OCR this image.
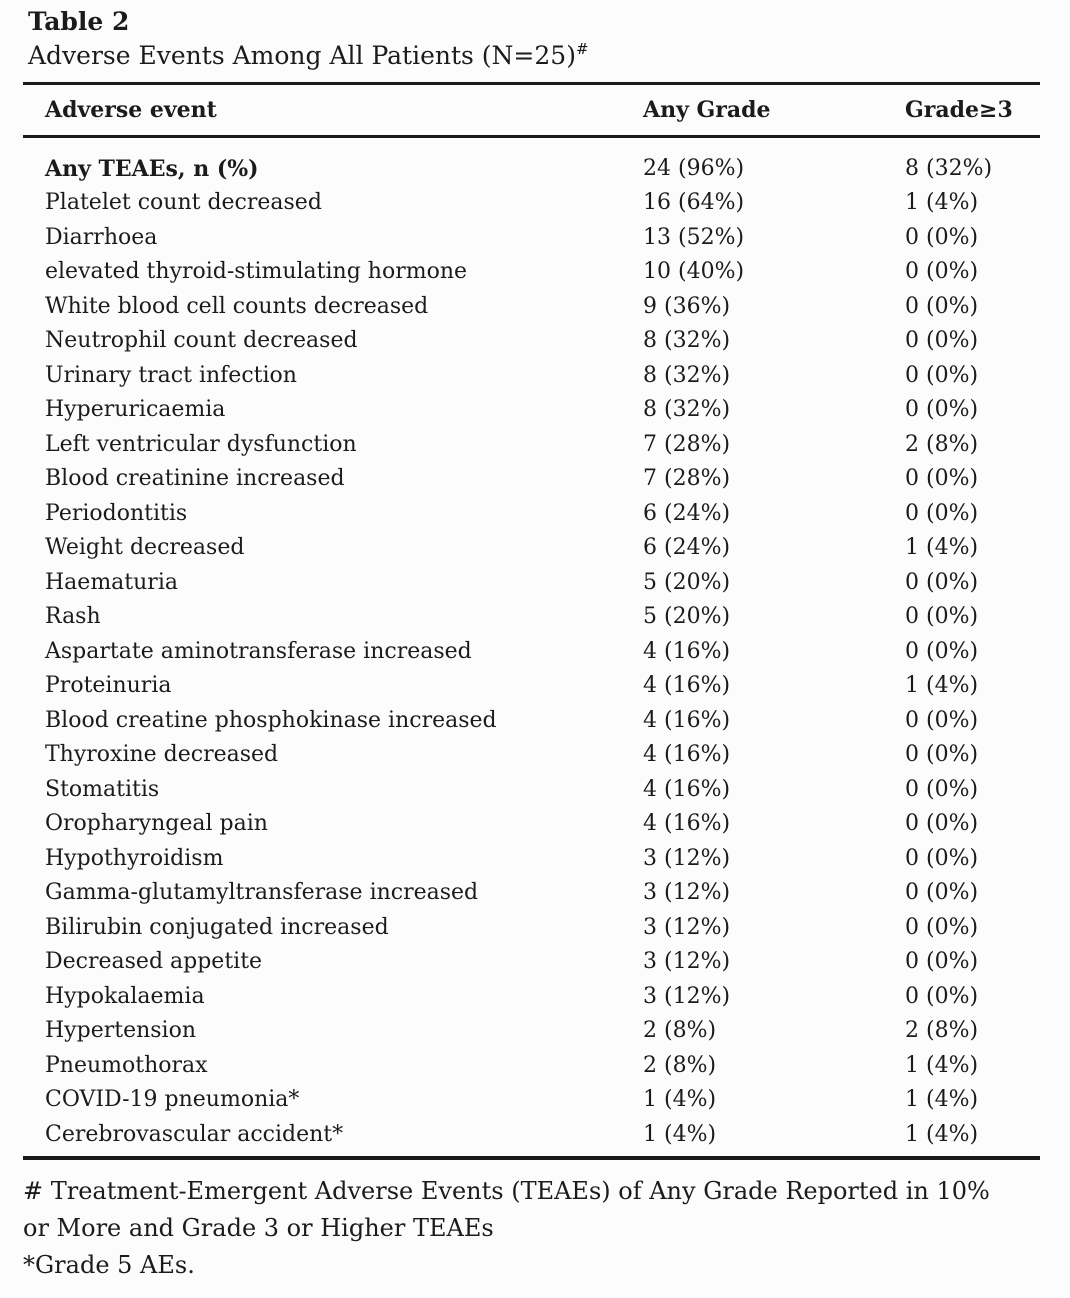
Table 2
Adverse Events Among All Patients (N=25)#
Adverse event	Any Grade	Grade≥3
Any TEAEs, n (%)	24 (96%)	8 (32%)
Platelet count decreased	16 (64%)	1 (4%)
Diarrhoea	13 (52%)	0 (0%)
elevated thyroid-stimulating hormone	10 (40%)	0 (0%)
White blood cell counts decreased	9 (36%)	0 (0%)
Neutrophil count decreased	8 (32%)	0 (0%)
Urinary tract infection	8 (32%)	0 (0%)
Hyperuricaemia	8 (32%)	0 (0%)
Left ventricular dysfunction	7 (28%)	2 (8%)
Blood creatinine increased	7 (28%)	0 (0%)
Periodontitis	6 (24%)	0 (0%)
Weight decreased	6 (24%)	1 (4%)
Haematuria	5 (20%)	0 (0%)
Rash	5 (20%)	0 (0%)
Aspartate aminotransferase increased	4 (16%)	0 (0%)
Proteinuria	4 (16%)	1 (4%)
Blood creatine phosphokinase increased	4 (16%)	0 (0%)
Thyroxine decreased	4 (16%)	0 (0%)
Stomatitis	4 (16%)	0 (0%)
Oropharyngeal pain	4 (16%)	0 (0%)
Hypothyroidism	3 (12%)	0 (0%)
Gamma-glutamyltransferase increased	3 (12%)	0 (0%)
Bilirubin conjugated increased	3 (12%)	0 (0%)
Decreased appetite	3 (12%)	0 (0%)
Hypokalaemia	3 (12%)	0 (0%)
Hypertension	2 (8%)	2 (8%)
Pneumothorax	2 (8%)	1 (4%)
COVID-19 pneumonia*	1 (4%)	1 (4%)
Cerebrovascular accident*	1 (4%)	1 (4%)
# Treatment-Emergent Adverse Events (TEAEs) of Any Grade Reported in 10%
or More and Grade 3 or Higher TEAEs
*Grade 5 AEs.
